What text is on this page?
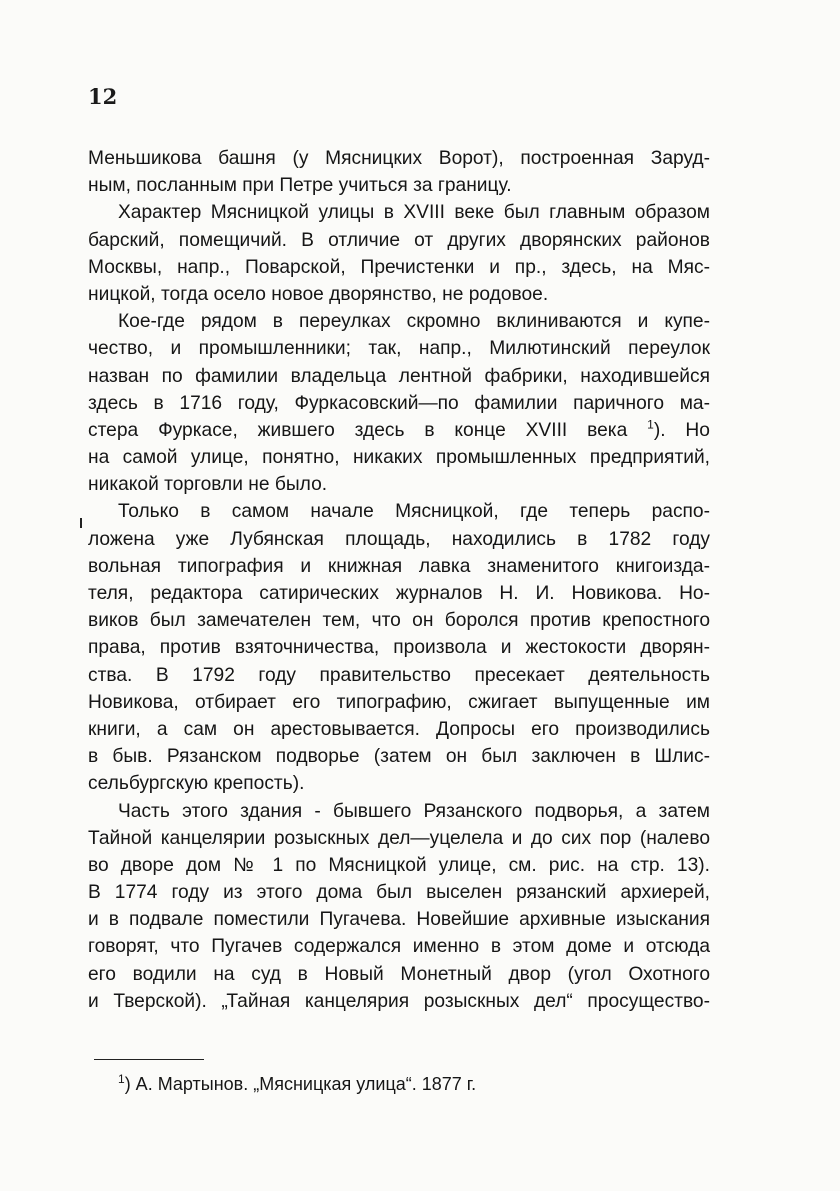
12
Меньшикова башня (у Мясницких Ворот), построенная Заруд-
ным, посланным при Петре учиться за границу.
Характер Мясницкой улицы в XVIII веке был главным образом
барский, помещичий. В отличие от других дворянских районов
Москвы, напр., Поварской, Пречистенки и пр., здесь, на Мяс-
ницкой, тогда осело новое дворянство, не родовое.
Кое-где рядом в переулках скромно вклиниваются и купе-
чество, и промышленники; так, напр., Милютинский переулок
назван по фамилии владельца лентной фабрики, находившейся
здесь в 1716 году, Фуркасовский—по фамилии паричного ма-
стера Фуркасе, жившего здесь в конце XVIII века $^1$). Но
на самой улице, понятно, никаких промышленных предприятий,
никакой торговли не было.
Только в самом начале Мясницкой, где теперь распо-
ложена уже Лубянская площадь, находились в 1782 году
вольная типография и книжная лавка знаменитого книгоизда-
теля, редактора сатирических журналов Н. И. Новикова. Но-
виков был замечателен тем, что он боролся против крепостного
права, против взяточничества, произвола и жестокости дворян-
ства. В 1792 году правительство пресекает деятельность
Новикова, отбирает его типографию, сжигает выпущенные им
книги, а сам он арестовывается. Допросы его производились
в быв. Рязанском подворье (затем он был заключен в Шлис-
сельбургскую крепость).
Часть этого здания - бывшего Рязанского подворья, а затем
Тайной канцелярии розыскных дел—уцелела и до сих пор (налево
во дворе дом № 1 по Мясницкой улице, см. рис. на стр. 13).
В 1774 году из этого дома был выселен рязанский архиерей,
и в подвале поместили Пугачева. Новейшие архивные изыскания
говорят, что Пугачев содержался именно в этом доме и отсюда
его водили на суд в Новый Монетный двор (угол Охотного
и Тверской). „Тайная канцелярия розыскных дел“ просущество-
$^1$) А. Мартынов. „Мясницкая улица“. 1877 г.
